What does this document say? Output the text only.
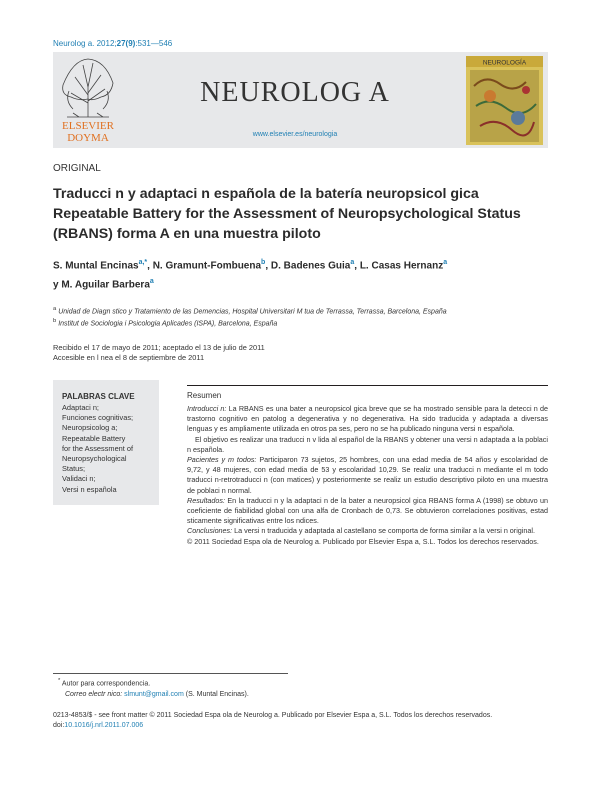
Neurolog a. 2012;27(9):531—546
ELSEVIER
DOYMA
NEUROLOG A
www.elsevier.es/neurologia
NEUROLOGÍA
ORIGINAL
Traducci n y adaptaci n española de la batería neuropsicol gica Repeatable Battery for the Assessment of Neuropsychological Status (RBANS) forma A en una muestra piloto
S. Muntal Encinas$^{a,*}$, N. Gramunt-Fombuena$^b$, D. Badenes Guia$^a$, L. Casas Hernanz$^a$
y M. Aguilar Barbera$^a$
$^a$ Unidad de Diagn stico y Tratamiento de las Demencias, Hospital Universitari M tua de Terrassa, Terrassa, Barcelona, España
$^b$ Institut de Sociologia i Psicologia Aplicades (ISPA), Barcelona, España
Recibido el 17 de mayo de 2011; aceptado el 13 de julio de 2011
Accesible en l nea el 8 de septiembre de 2011
PALABRAS CLAVE
Adaptaci n;
Funciones cognitivas;
Neuropsicolog a;
Repeatable Battery
for the Assessment of
Neuropsychological
Status;
Validaci n;
Versi n española
Resumen

Introducci n: La RBANS es una bater a neuropsicol gica breve que se ha mostrado sensible para la detecci n de trastorno cognitivo en patolog a degenerativa y no degenerativa. Ha sido traducida y adaptada a diversas lenguas y es ampliamente utilizada en otros pa ses, pero no se ha publicado ninguna versi n española.

El objetivo es realizar una traducci n v lida al español de la RBANS y obtener una versi n adaptada a la poblaci n española.

Pacientes y m todos: Participaron 73 sujetos, 25 hombres, con una edad media de 54 años y escolaridad de 9,72, y 48 mujeres, con edad media de 53 y escolaridad 10,29. Se realiz una traducci n mediante el m todo traducci n-retrotraducci n (con matices) y posteriormente se realiz un estudio descriptivo piloto en una muestra de poblaci n normal.

Resultados: En la traducci n y la adaptaci n de la bater a neuropsicol gica RBANS forma A (1998) se obtuvo un coeficiente de fiabilidad global con una alfa de Cronbach de 0,73. Se obtuvieron correlaciones positivas, estad sticamente significativas entre los ndices.

Conclusiones: La versi n traducida y adaptada al castellano se comporta de forma similar a la versi n original.

© 2011 Sociedad Espa ola de Neurolog a. Publicado por Elsevier Espa a, S.L. Todos los derechos reservados.

* Autor para correspondencia.
Correo electr nico: slmunt@gmail.com (S. Muntal Encinas).
0213-4853/$ - see front matter © 2011 Sociedad Espa ola de Neurolog a. Publicado por Elsevier Espa a, S.L. Todos los derechos reservados.
doi:10.1016/j.nrl.2011.07.006
